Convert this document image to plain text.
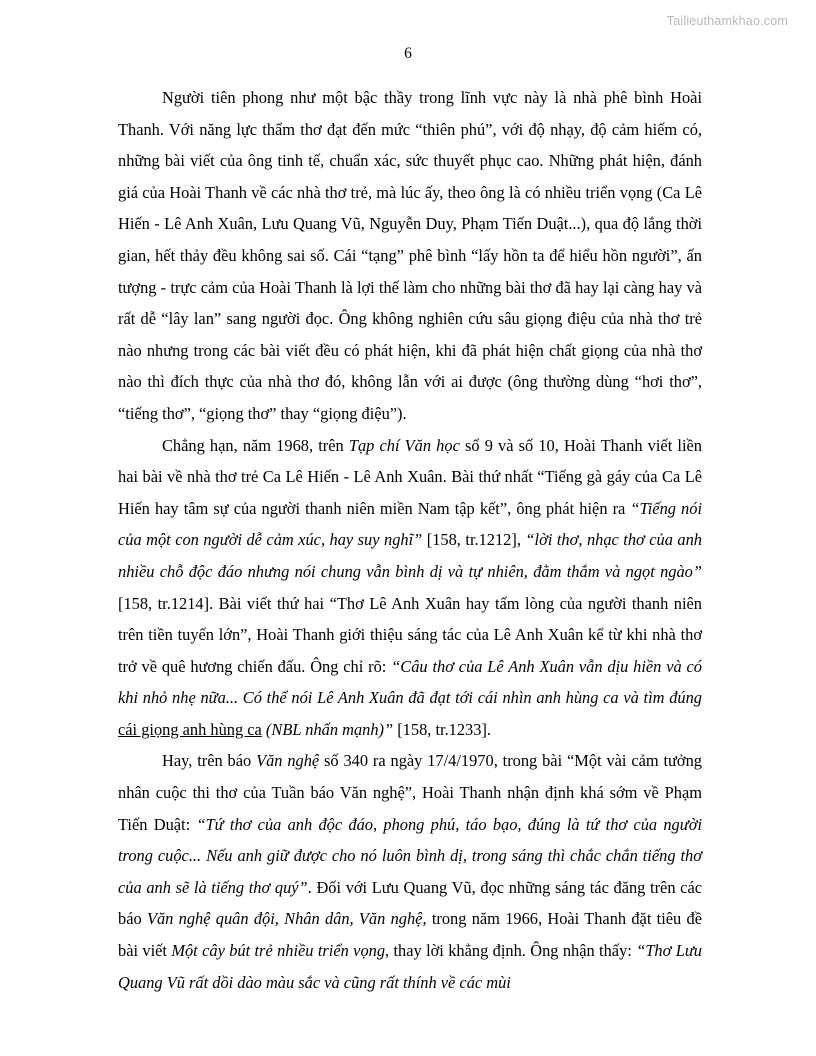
Tailieuthamkhao.com
6

Người tiên phong như một bậc thầy trong lĩnh vực này là nhà phê bình Hoài Thanh. Với năng lực thẩm thơ đạt đến mức “thiên phú”, với độ nhạy, độ cảm hiếm có, những bài viết của ông tinh tế, chuẩn xác, sức thuyết phục cao. Những phát hiện, đánh giá của Hoài Thanh về các nhà thơ trẻ, mà lúc ấy, theo ông là có nhiều triển vọng (Ca Lê Hiến - Lê Anh Xuân, Lưu Quang Vũ, Nguyễn Duy, Phạm Tiến Duật...), qua độ lắng thời gian, hết thảy đều không sai số. Cái “tạng” phê bình “lấy hồn ta để hiểu hồn người”, ấn tượng - trực cảm của Hoài Thanh là lợi thế làm cho những bài thơ đã hay lại càng hay và rất dễ “lây lan” sang người đọc. Ông không nghiên cứu sâu giọng điệu của nhà thơ trẻ nào nhưng trong các bài viết đều có phát hiện, khi đã phát hiện chất giọng của nhà thơ nào thì đích thực của nhà thơ đó, không lẫn với ai được (ông thường dùng “hơi thơ”, “tiếng thơ”, “giọng thơ” thay “giọng điệu”).

Chẳng hạn, năm 1968, trên Tạp chí Văn học số 9 và số 10, Hoài Thanh viết liền hai bài về nhà thơ trẻ Ca Lê Hiến - Lê Anh Xuân. Bài thứ nhất “Tiếng gà gáy của Ca Lê Hiến hay tâm sự của người thanh niên miền Nam tập kết”, ông phát hiện ra “Tiếng nói của một con người dễ cảm xúc, hay suy nghĩ” [158, tr.1212], “lời thơ, nhạc thơ của anh nhiều chỗ độc đáo nhưng nói chung vẫn bình dị và tự nhiên, đằm thắm và ngọt ngào” [158, tr.1214]. Bài viết thứ hai “Thơ Lê Anh Xuân hay tấm lòng của người thanh niên trên tiền tuyến lớn”, Hoài Thanh giới thiệu sáng tác của Lê Anh Xuân kể từ khi nhà thơ trở về quê hương chiến đấu. Ông chỉ rõ: “Câu thơ của Lê Anh Xuân vẫn dịu hiền và có khi nhỏ nhẹ nữa... Có thể nói Lê Anh Xuân đã đạt tới cái nhìn anh hùng ca và tìm đúng cái giọng anh hùng ca (NBL nhấn mạnh)” [158, tr.1233].

Hay, trên báo Văn nghệ số 340 ra ngày 17/4/1970, trong bài “Một vài cảm tưởng nhân cuộc thi thơ của Tuần báo Văn nghệ”, Hoài Thanh nhận định khá sớm về Phạm Tiến Duật: “Tứ thơ của anh độc đáo, phong phú, táo bạo, đúng là tứ thơ của người trong cuộc... Nếu anh giữ được cho nó luôn bình dị, trong sáng thì chắc chắn tiếng thơ của anh sẽ là tiếng thơ quý”. Đối với Lưu Quang Vũ, đọc những sáng tác đăng trên các báo Văn nghệ quân đội, Nhân dân, Văn nghệ, trong năm 1966, Hoài Thanh đặt tiêu đề bài viết Một cây bút trẻ nhiều triển vọng, thay lời khẳng định. Ông nhận thấy: “Thơ Lưu Quang Vũ rất dồi dào màu sắc và cũng rất thính về các mùi
